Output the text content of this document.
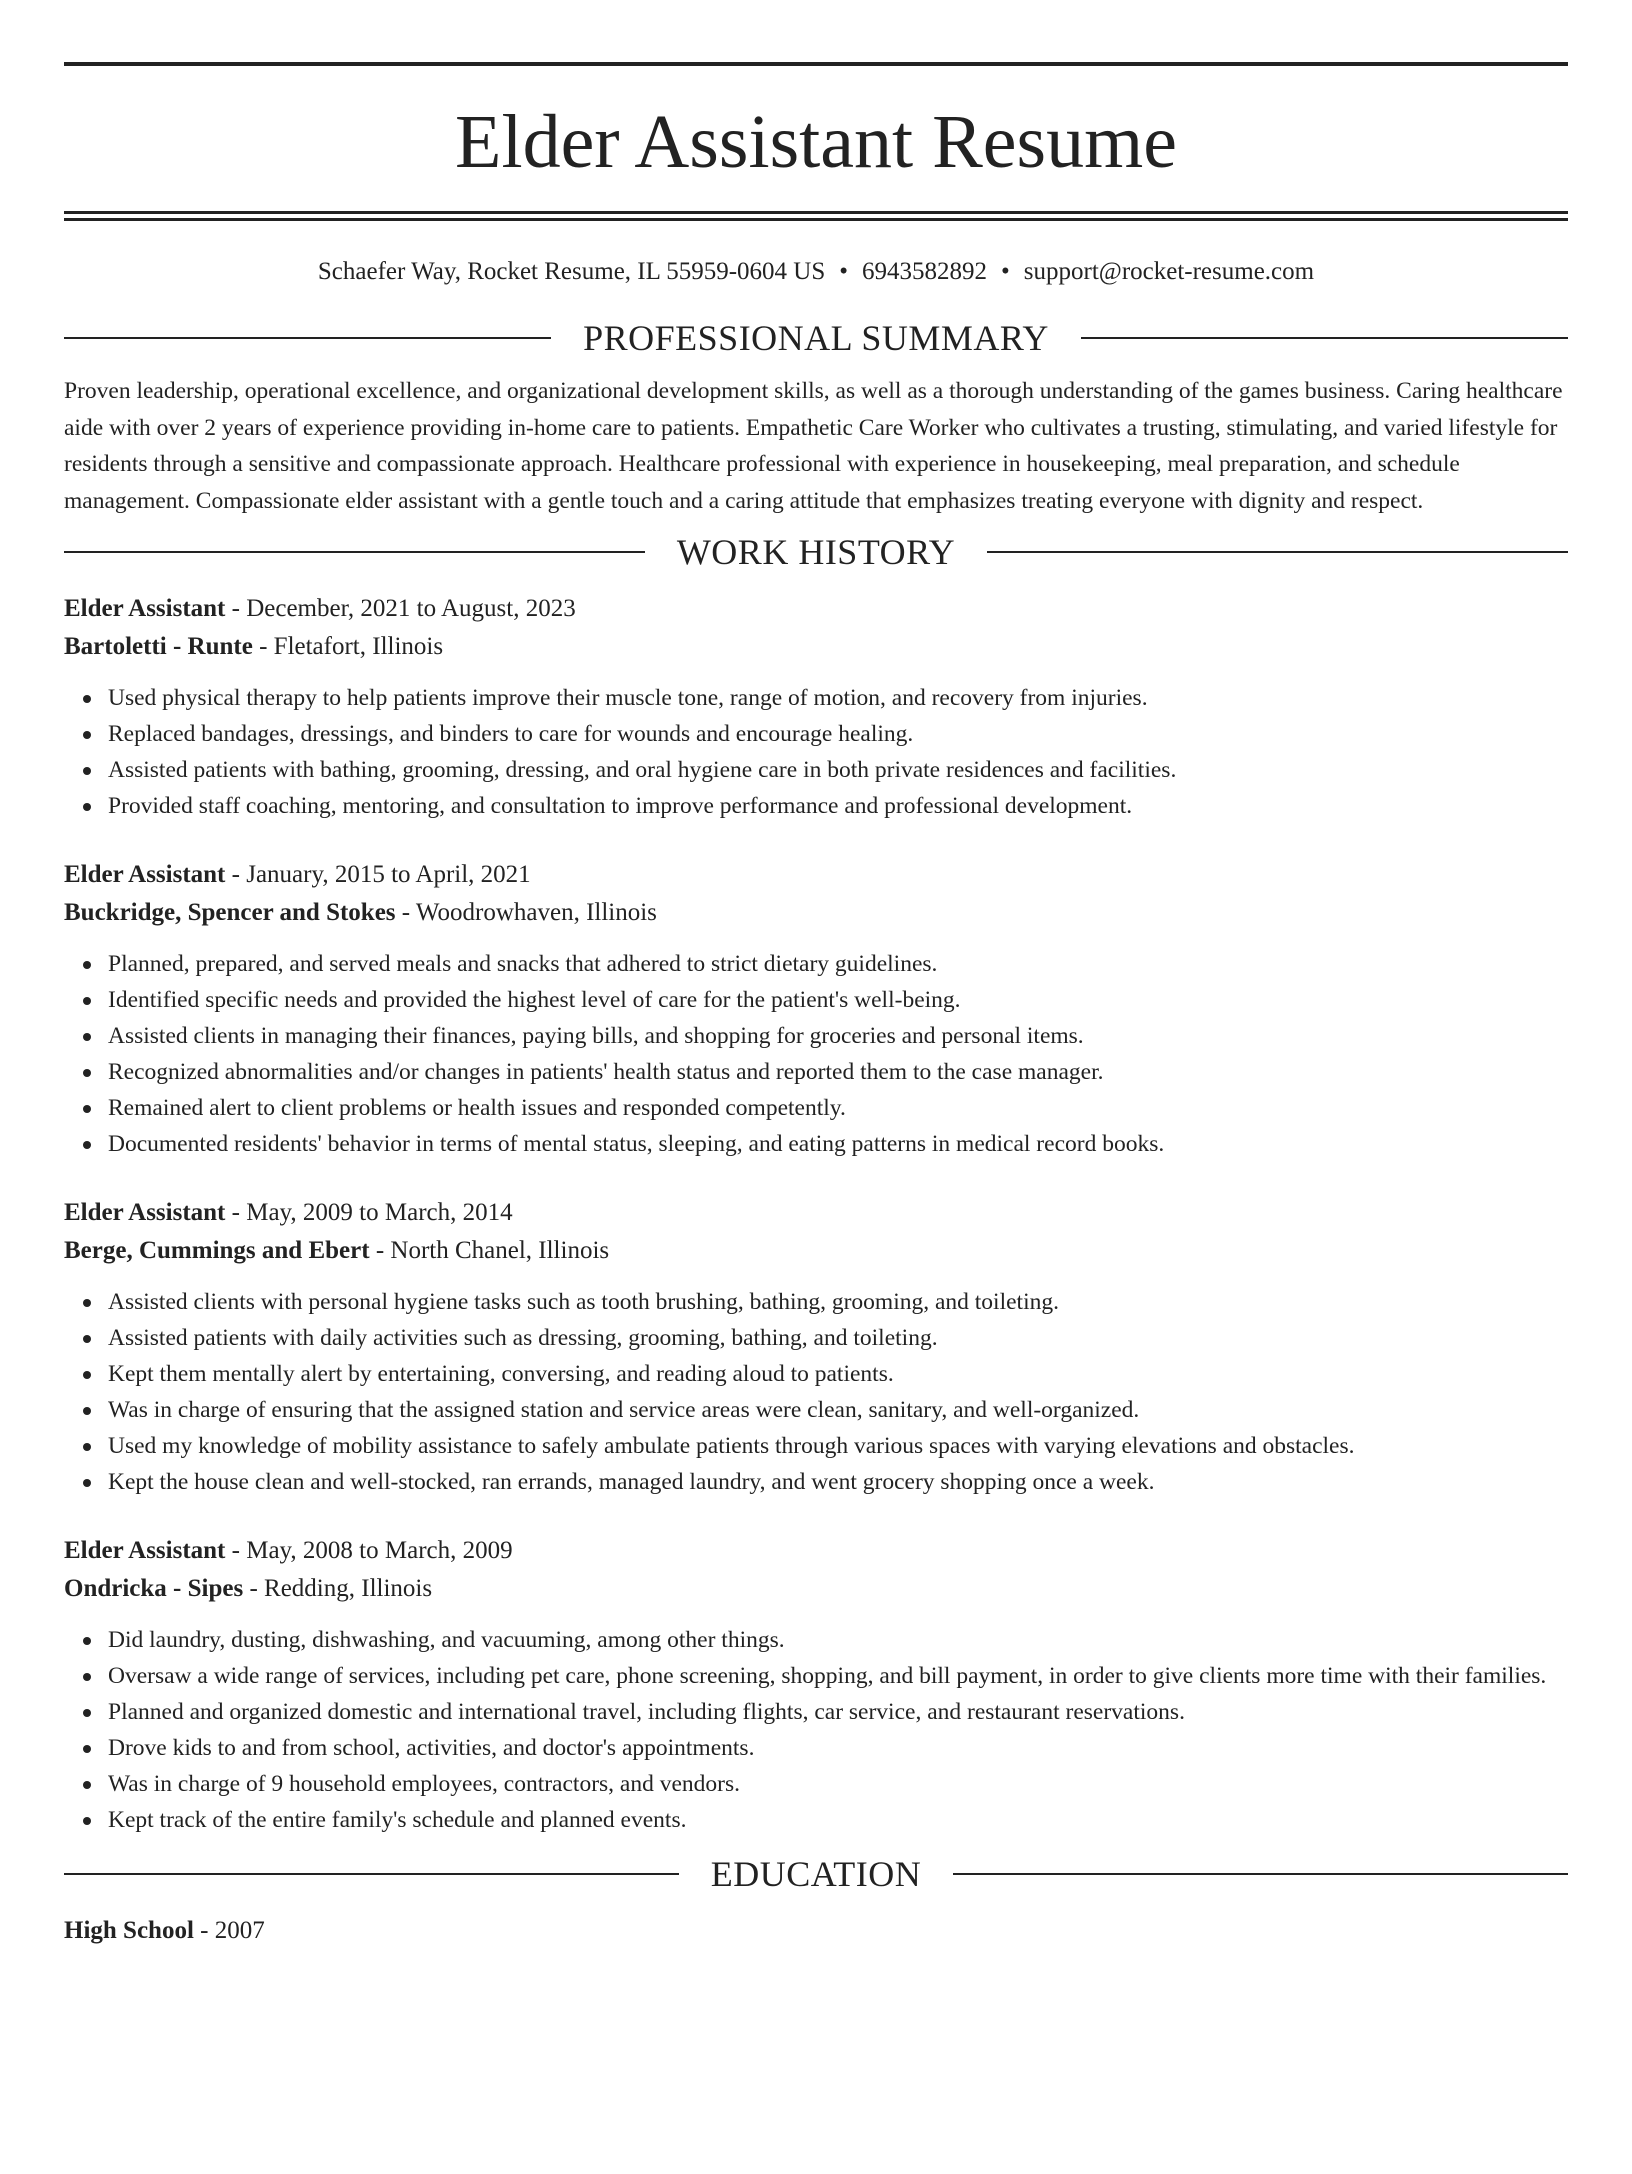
Elder Assistant Resume
Schaefer Way, Rocket Resume, IL 55959-0604 US • 6943582892 • support@rocket-resume.com
PROFESSIONAL SUMMARY

Proven leadership, operational excellence, and organizational development skills, as well as a thorough understanding of the games business. Caring healthcare aide with over 2 years of experience providing in-home care to patients. Empathetic Care Worker who cultivates a trusting, stimulating, and varied lifestyle for residents through a sensitive and compassionate approach. Healthcare professional with experience in housekeeping, meal preparation, and schedule management. Compassionate elder assistant with a gentle touch and a caring attitude that emphasizes treating everyone with dignity and respect.

WORK HISTORY

Elder Assistant - December, 2021 to August, 2023

Bartoletti - Runte - Fletafort, Illinois

Used physical therapy to help patients improve their muscle tone, range of motion, and recovery from injuries.
Replaced bandages, dressings, and binders to care for wounds and encourage healing.
Assisted patients with bathing, grooming, dressing, and oral hygiene care in both private residences and facilities.
Provided staff coaching, mentoring, and consultation to improve performance and professional development.

Elder Assistant - January, 2015 to April, 2021

Buckridge, Spencer and Stokes - Woodrowhaven, Illinois

Planned, prepared, and served meals and snacks that adhered to strict dietary guidelines.
Identified specific needs and provided the highest level of care for the patient's well-being.
Assisted clients in managing their finances, paying bills, and shopping for groceries and personal items.
Recognized abnormalities and/or changes in patients' health status and reported them to the case manager.
Remained alert to client problems or health issues and responded competently.
Documented residents' behavior in terms of mental status, sleeping, and eating patterns in medical record books.

Elder Assistant - May, 2009 to March, 2014

Berge, Cummings and Ebert - North Chanel, Illinois

Assisted clients with personal hygiene tasks such as tooth brushing, bathing, grooming, and toileting.
Assisted patients with daily activities such as dressing, grooming, bathing, and toileting.
Kept them mentally alert by entertaining, conversing, and reading aloud to patients.
Was in charge of ensuring that the assigned station and service areas were clean, sanitary, and well-organized.
Used my knowledge of mobility assistance to safely ambulate patients through various spaces with varying elevations and obstacles.
Kept the house clean and well-stocked, ran errands, managed laundry, and went grocery shopping once a week.

Elder Assistant - May, 2008 to March, 2009

Ondricka - Sipes - Redding, Illinois

Did laundry, dusting, dishwashing, and vacuuming, among other things.
Oversaw a wide range of services, including pet care, phone screening, shopping, and bill payment, in order to give clients more time with their families.
Planned and organized domestic and international travel, including flights, car service, and restaurant reservations.
Drove kids to and from school, activities, and doctor's appointments.
Was in charge of 9 household employees, contractors, and vendors.
Kept track of the entire family's schedule and planned events.
EDUCATION

High School - 2007
